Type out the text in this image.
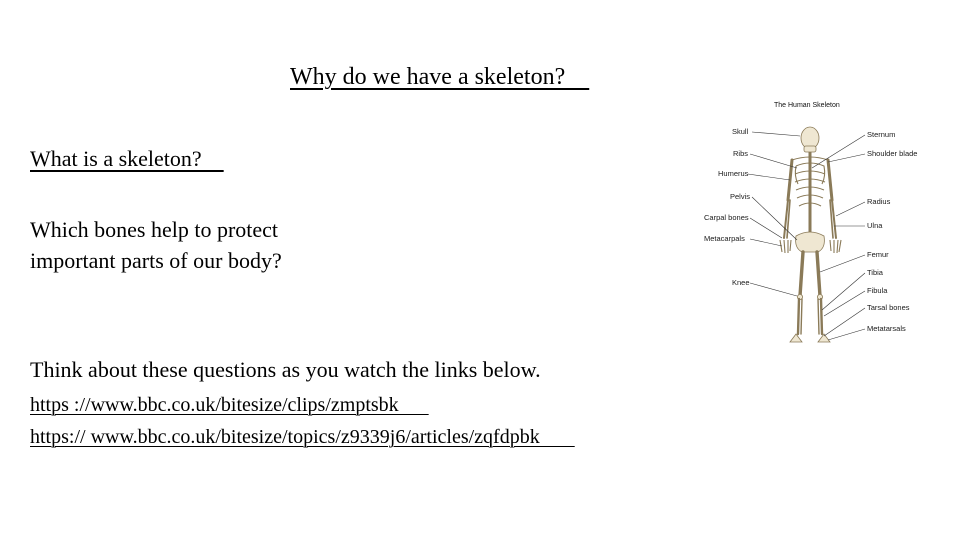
Why do we have a skeleton?
What is a skeleton?
Which bones help to protect
important parts of our body?
Think about these questions as you watch the links below.
https ://www.bbc.co.uk/bitesize/clips/zmptsbk
https:// www.bbc.co.uk/bitesize/topics/z9339j6/articles/zqfdpbk
The Human Skeleton
Skull
Ribs
Humerus
Pelvis
Carpal bones
Metacarpals
Knee
Sternum
Shoulder blade
Radius
Ulna
Femur
Tibia
Fibula
Tarsal bones
Metatarsals
